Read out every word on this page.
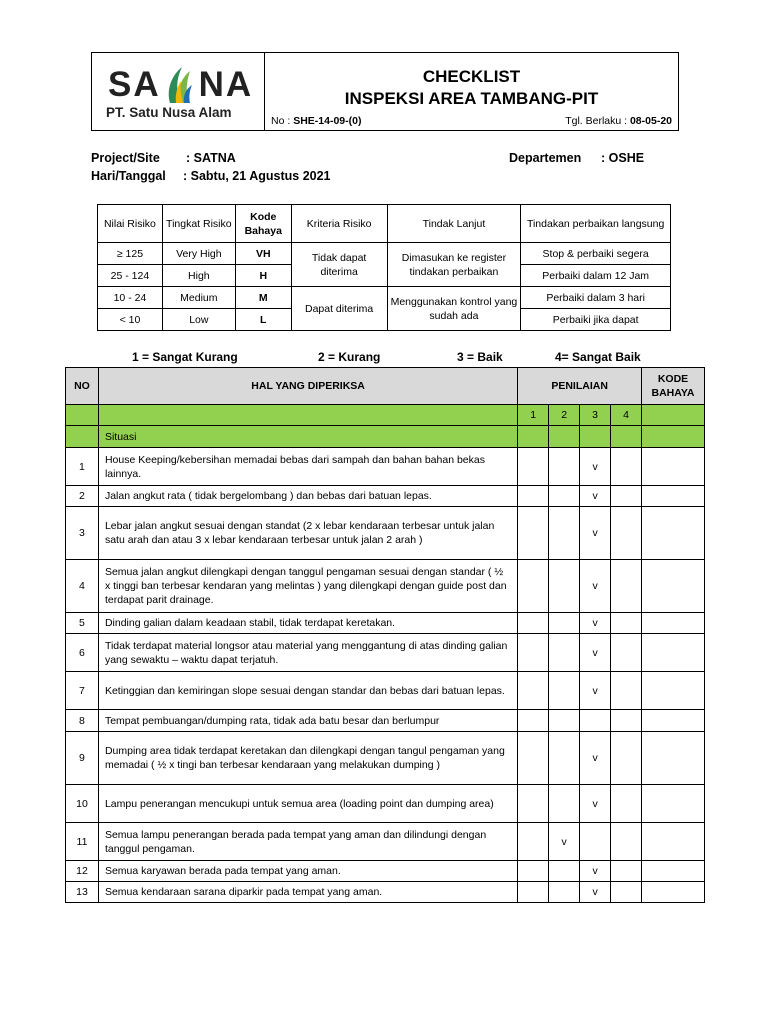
SA NA
PT. Satu Nusa Alam
CHECKLIST
INSPEKSI AREA TAMBANG-PIT
No : SHE-14-09-(0)	Tgl. Berlaku : 08-05-20
Project/Site : SATNA
Hari/Tanggal : Sabtu, 21 Agustus 2021
Departemen : OSHE
Nilai Risiko	Tingkat Risiko	Kode Bahaya	Kriteria Risiko	Tindak Lanjut	Tindakan perbaikan langsung
≥ 125	Very High	VH	Tidak dapat diterima	Dimasukan ke register tindakan perbaikan	Stop & perbaiki segera
25 - 124	High	H			Perbaiki dalam 12 Jam
10 - 24	Medium	M	Dapat diterima	Menggunakan kontrol yang sudah ada	Perbaiki dalam 3 hari
< 10	Low	L			Perbaiki jika dapat
1 = Sangat Kurang	2 = Kurang	3 = Baik	4= Sangat Baik
NO	HAL YANG DIPERIKSA	PENILAIAN				KODE BAHAYA
		1	2	3	4	
	Situasi					
1	House Keeping/kebersihan memadai bebas dari sampah dan bahan bahan bekas lainnya.			v		
2	Jalan angkut rata ( tidak bergelombang ) dan bebas dari batuan lepas.			v		
3	Lebar jalan angkut sesuai dengan standat (2 x lebar kendaraan terbesar untuk jalan satu arah dan atau 3 x lebar kendaraan terbesar untuk jalan 2 arah )			v		
4	Semua jalan angkut dilengkapi dengan tanggul pengaman sesuai dengan standar ( ½ x tinggi ban terbesar kendaran yang melintas ) yang dilengkapi dengan guide post dan terdapat parit drainage.			v		
5	Dinding galian dalam keadaan stabil, tidak terdapat keretakan.			v		
6	Tidak terdapat material longsor atau material yang menggantung di atas dinding galian yang sewaktu – waktu dapat terjatuh.			v		
7	Ketinggian dan kemiringan slope sesuai dengan standar dan bebas dari batuan lepas.			v		
8	Tempat pembuangan/dumping rata, tidak ada batu besar dan berlumpur					
9	Dumping area tidak terdapat keretakan dan dilengkapi dengan tangul pengaman yang memadai ( ½ x tingi ban terbesar kendaraan yang melakukan dumping )			v		
10	Lampu penerangan mencukupi untuk semua area (loading point dan dumping area)			v		
11	Semua lampu penerangan berada pada tempat yang aman dan dilindungi dengan tanggul pengaman.		v			
12	Semua karyawan berada pada tempat yang aman.			v		
13	Semua kendaraan sarana diparkir pada tempat yang aman.			v		
